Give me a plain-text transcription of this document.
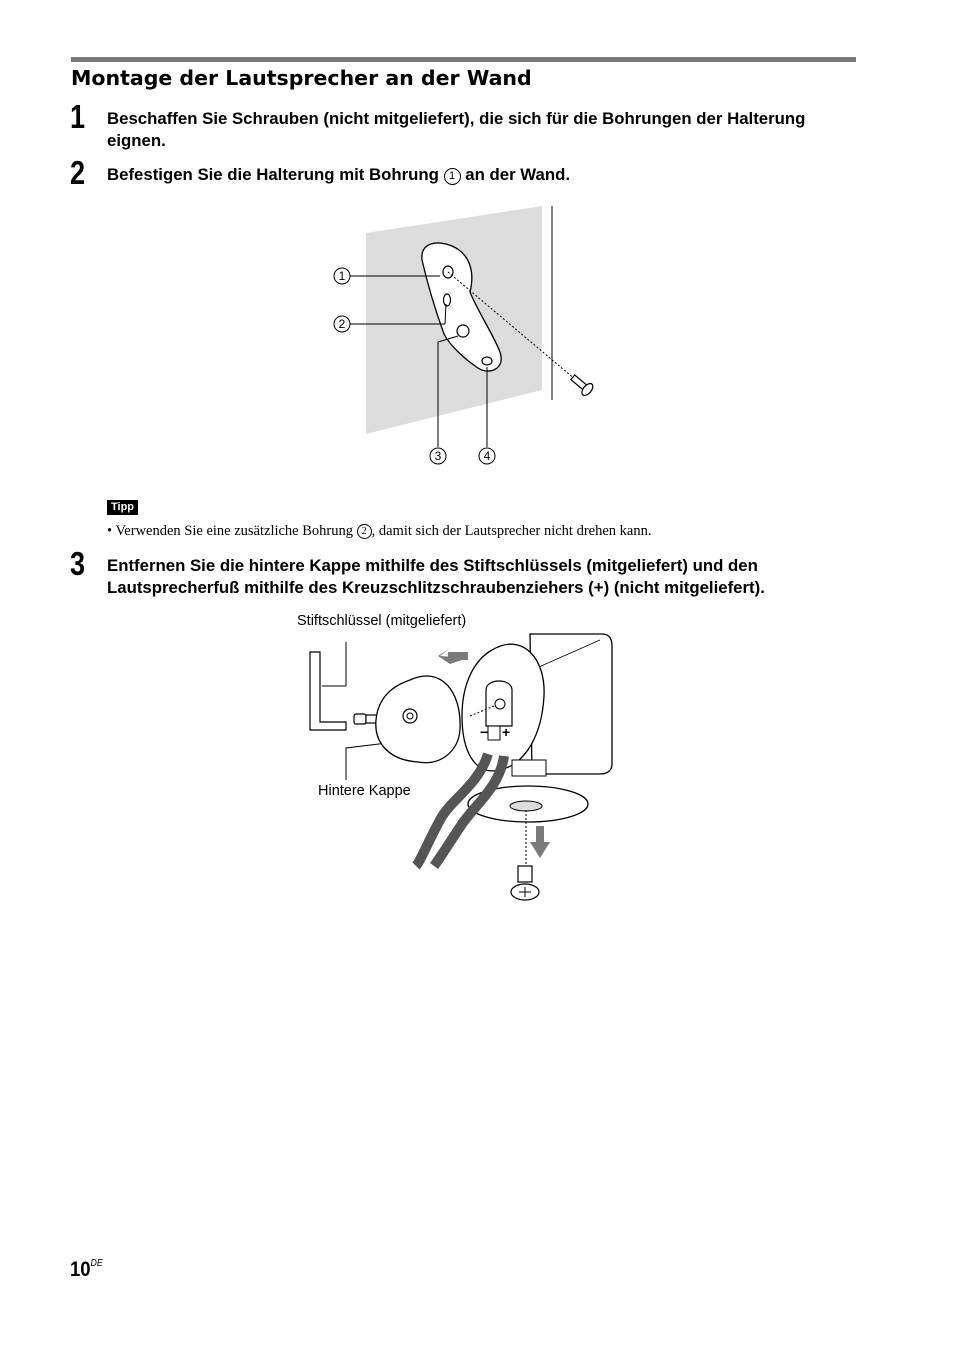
Montage der Lautsprecher an der Wand
1 Beschaffen Sie Schrauben (nicht mitgeliefert), die sich für die Bohrungen der Halterung eignen.

2 Befestigen Sie die Halterung mit Bohrung 1 an der Wand.

1
2
3	4
Tipp

• Verwenden Sie eine zusätzliche Bohrung 2 , damit sich der Lautsprecher nicht drehen kann.

3 Entfernen Sie die hintere Kappe mithilfe des Stiftschlüssels (mitgeliefert) und den Lautsprecherfuß mithilfe des Kreuzschlitzschraubenziehers (+) (nicht mitgeliefert).

Stiftschlüssel (mitgeliefert)
Hintere Kappe
− +
10DE
